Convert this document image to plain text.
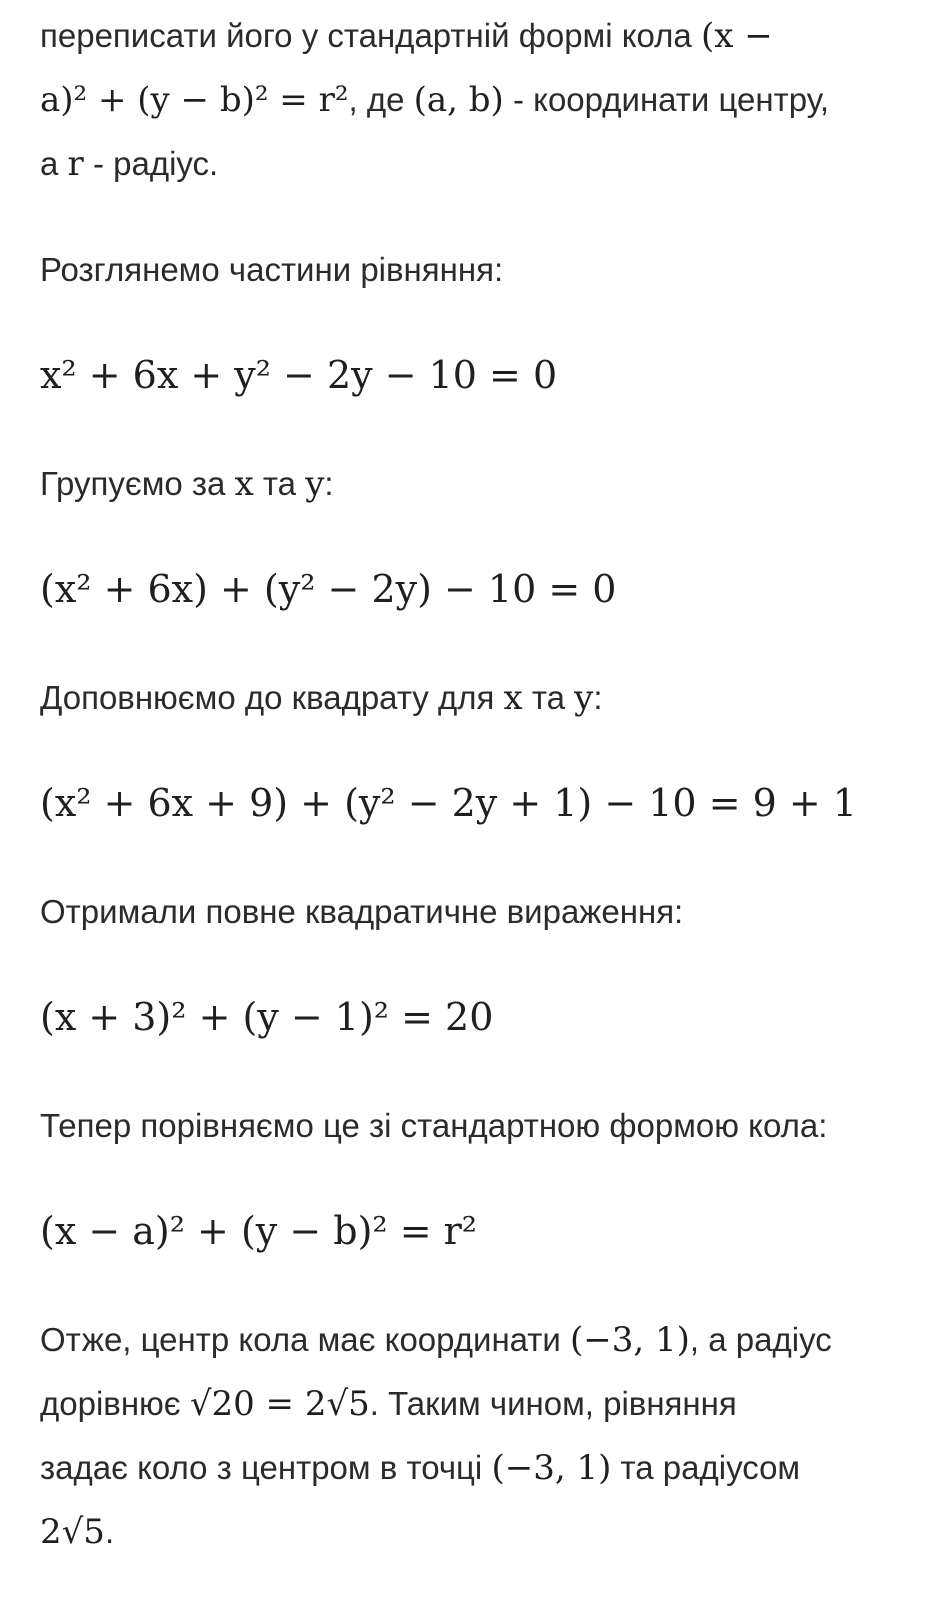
переписати його у стандартній формі кола (x −
a)² + (y − b)² = r², де (a, b) - координати центру,
а r - радіус.
Розглянемо частини рівняння:
x² + 6x + y² − 2y − 10 = 0
Групуємо за x та y:
(x² + 6x) + (y² − 2y) − 10 = 0
Доповнюємо до квадрату для x та y:
(x² + 6x + 9) + (y² − 2y + 1) − 10 = 9 + 1
Отримали повне квадратичне вираження:
(x + 3)² + (y − 1)² = 20
Тепер порівняємо це зі стандартною формою кола:
(x − a)² + (y − b)² = r²
Отже, центр кола має координати (−3, 1), а радіус
дорівнює √20 = 2√5. Таким чином, рівняння
задає коло з центром в точці (−3, 1) та радіусом
2√5.
